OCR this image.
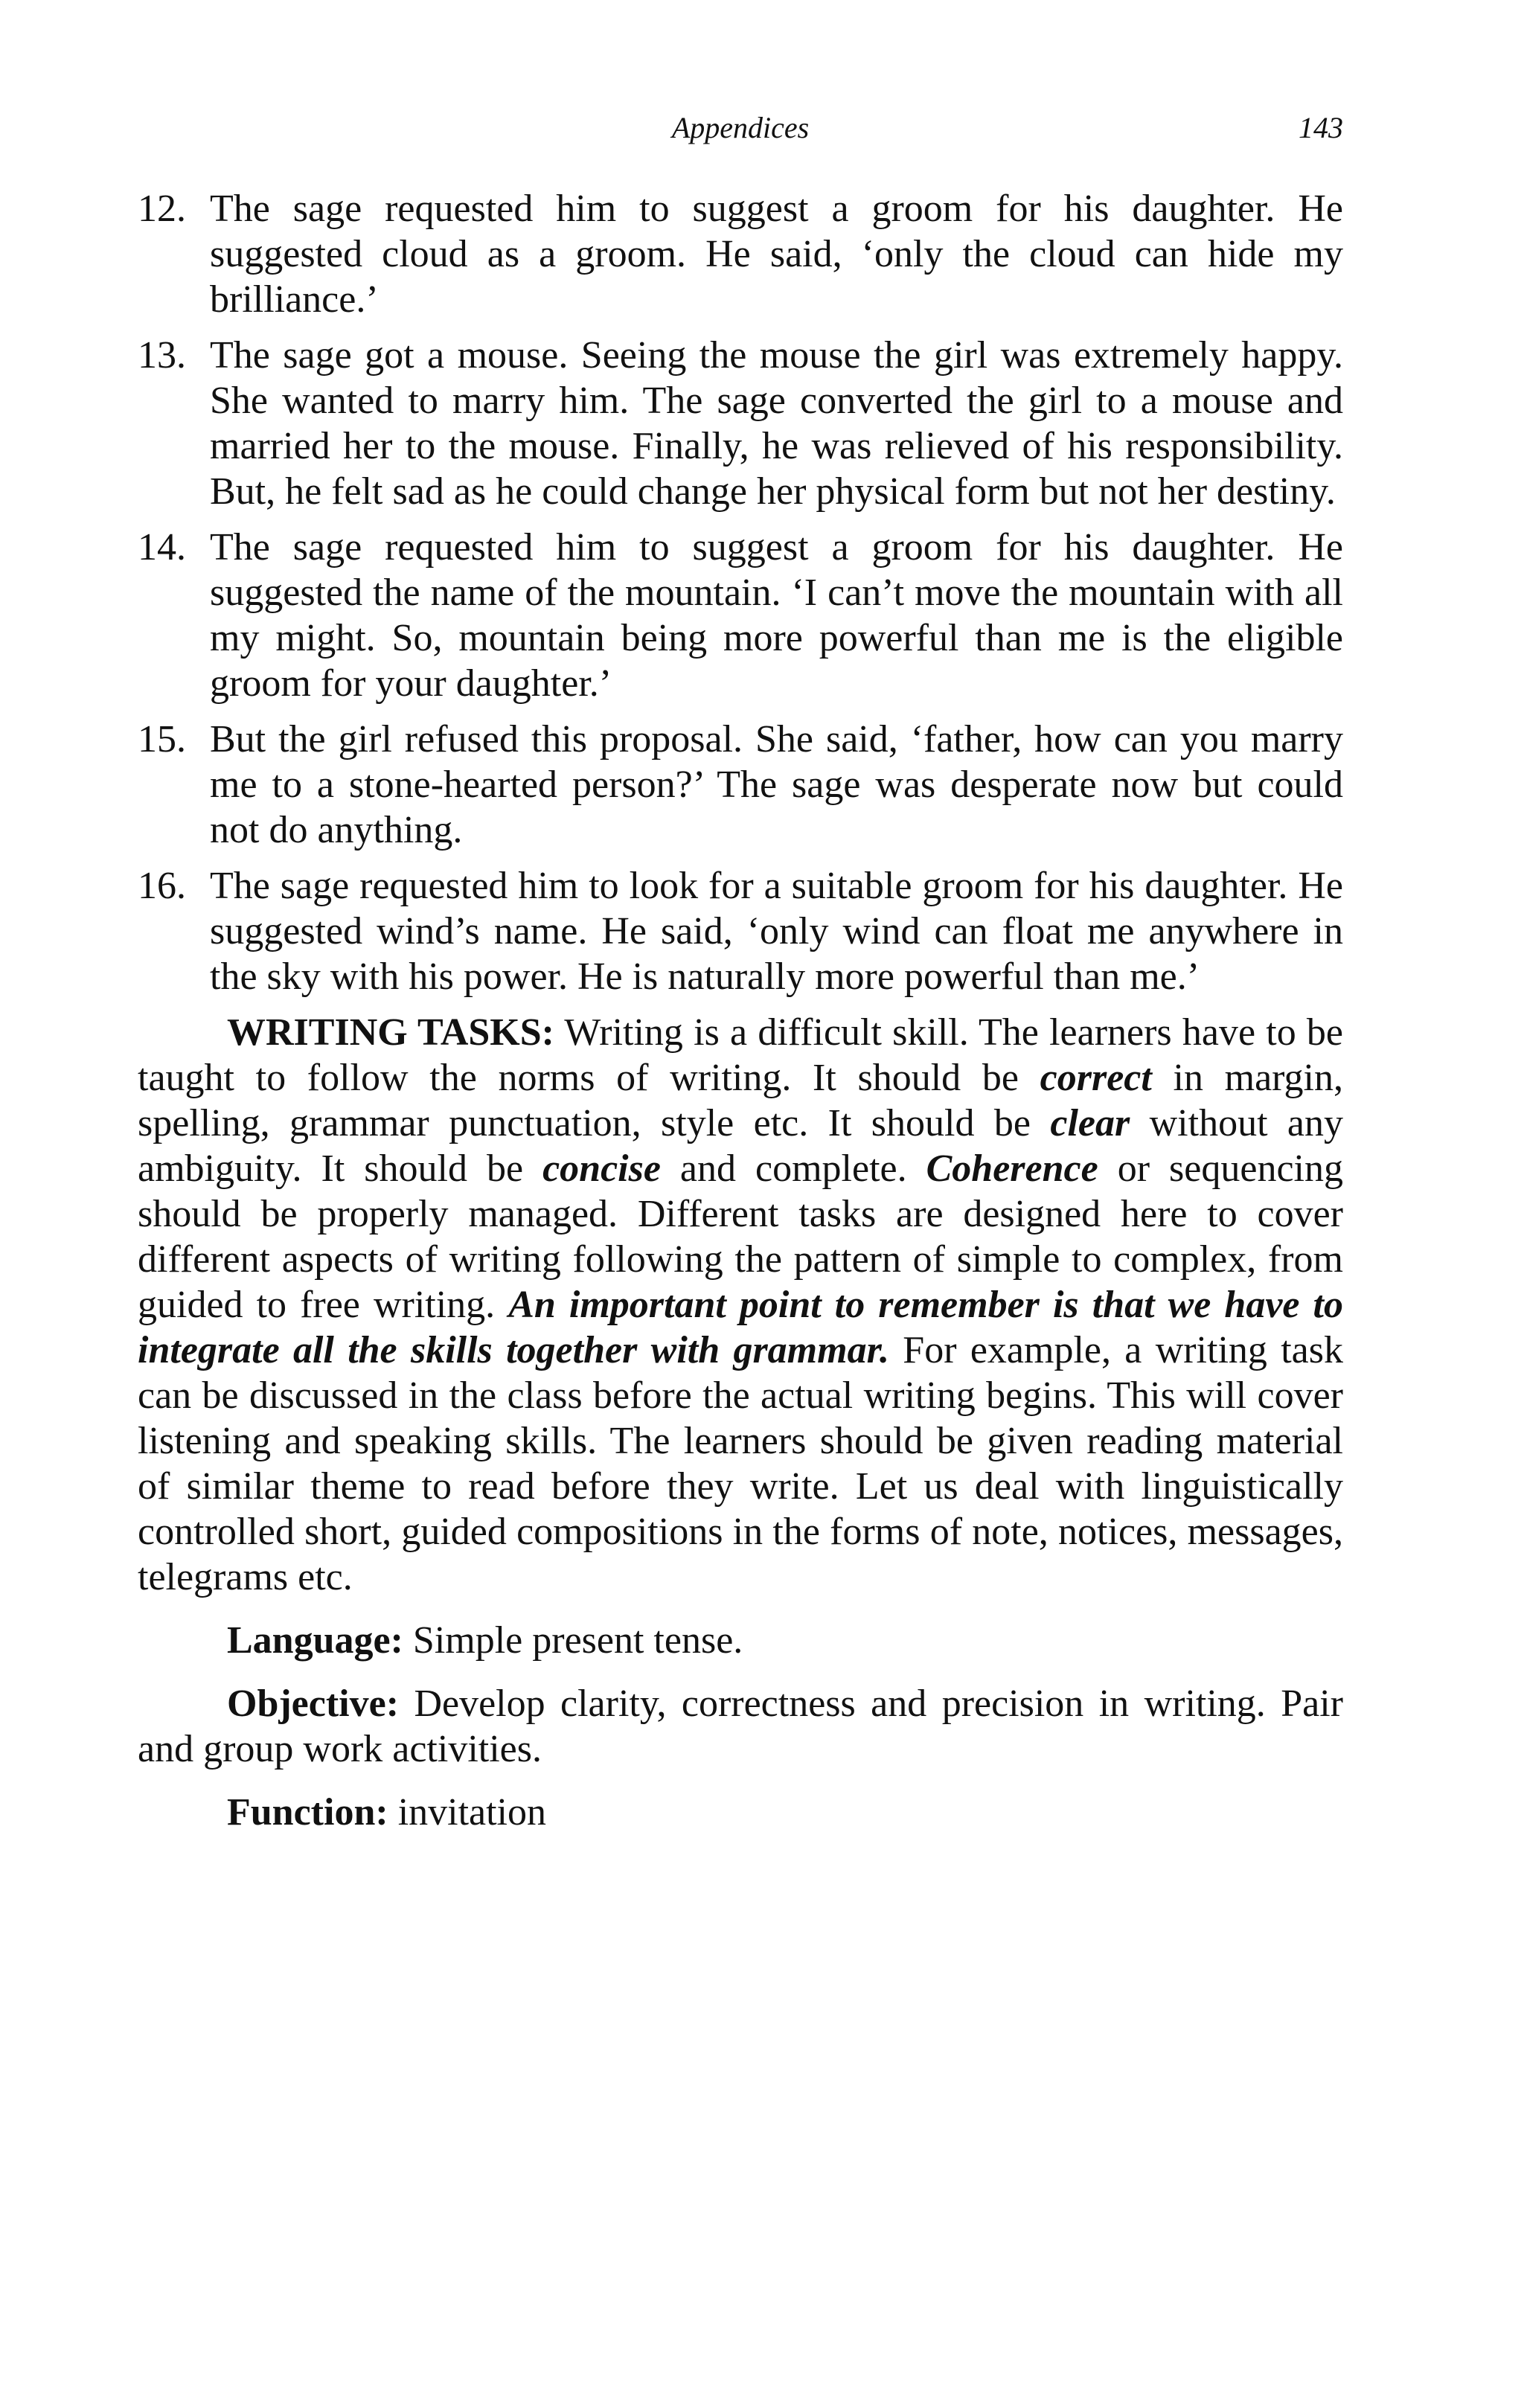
Appendices	143
12. The sage requested him to suggest a groom for his daughter. He suggested cloud as a groom. He said, ‘only the cloud can hide my brilliance.’
13. The sage got a mouse. Seeing the mouse the girl was extremely happy. She wanted to marry him. The sage converted the girl to a mouse and married her to the mouse. Finally, he was relieved of his responsibility. But, he felt sad as he could change her physical form but not her destiny.
14. The sage requested him to suggest a groom for his daughter. He suggested the name of the mountain. ‘I can’t move the mountain with all my might. So, mountain being more powerful than me is the eligible groom for your daughter.’
15. But the girl refused this proposal. She said, ‘father, how can you marry me to a stone-hearted person?’ The sage was desperate now but could not do anything.
16. The sage requested him to look for a suitable groom for his daughter. He suggested wind’s name. He said, ‘only wind can float me anywhere in the sky with his power. He is naturally more powerful than me.’

WRITING TASKS: Writing is a difficult skill. The learners have to be taught to follow the norms of writing. It should be correct in margin, spelling, grammar punctuation, style etc. It should be clear without any ambiguity. It should be concise and complete. Coherence or sequencing should be properly managed. Different tasks are designed here to cover different aspects of writing following the pattern of simple to complex, from guided to free writing. An important point to remember is that we have to integrate all the skills together with grammar. For example, a writing task can be discussed in the class before the actual writing begins. This will cover listening and speaking skills. The learners should be given reading material of similar theme to read before they write. Let us deal with linguistically controlled short, guided compositions in the forms of note, notices, messages, telegrams etc.

Language: Simple present tense.

Objective: Develop clarity, correctness and precision in writing. Pair and group work activities.

Function: invitation
